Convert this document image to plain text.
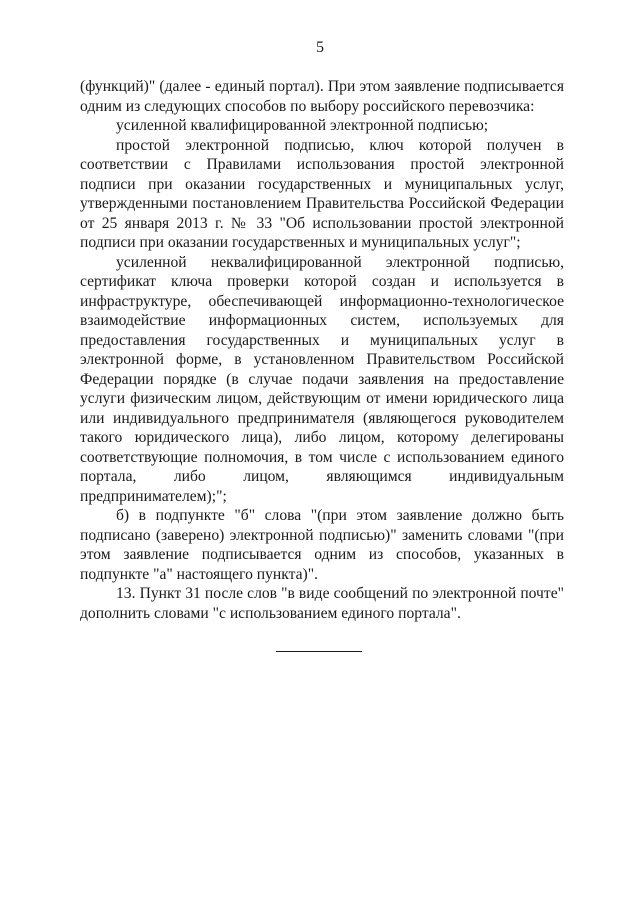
5

(функций)" (далее - единый портал). При этом заявление подписывается одним из следующих способов по выбору российского перевозчика:

усиленной квалифицированной электронной подписью;

простой электронной подписью, ключ которой получен в соответствии с Правилами использования простой электронной подписи при оказании государственных и муниципальных услуг, утвержденными постановлением Правительства Российской Федерации от 25 января 2013 г. № 33 "Об использовании простой электронной подписи при оказании государственных и муниципальных услуг";

усиленной неквалифицированной электронной подписью, сертификат ключа проверки которой создан и используется в инфраструктуре, обеспечивающей информационно-технологическое взаимодействие информационных систем, используемых для предоставления государственных и муниципальных услуг в электронной форме, в установленном Правительством Российской Федерации порядке (в случае подачи заявления на предоставление услуги физическим лицом, действующим от имени юридического лица или индивидуального предпринимателя (являющегося руководителем такого юридического лица), либо лицом, которому делегированы соответствующие полномочия, в том числе с использованием единого портала, либо лицом, являющимся индивидуальным предпринимателем);";

б) в подпункте "б" слова "(при этом заявление должно быть подписано (заверено) электронной подписью)" заменить словами "(при этом заявление подписывается одним из способов, указанных в подпункте "а" настоящего пункта)".

13. Пункт 31 после слов "в виде сообщений по электронной почте" дополнить словами "с использованием единого портала".
